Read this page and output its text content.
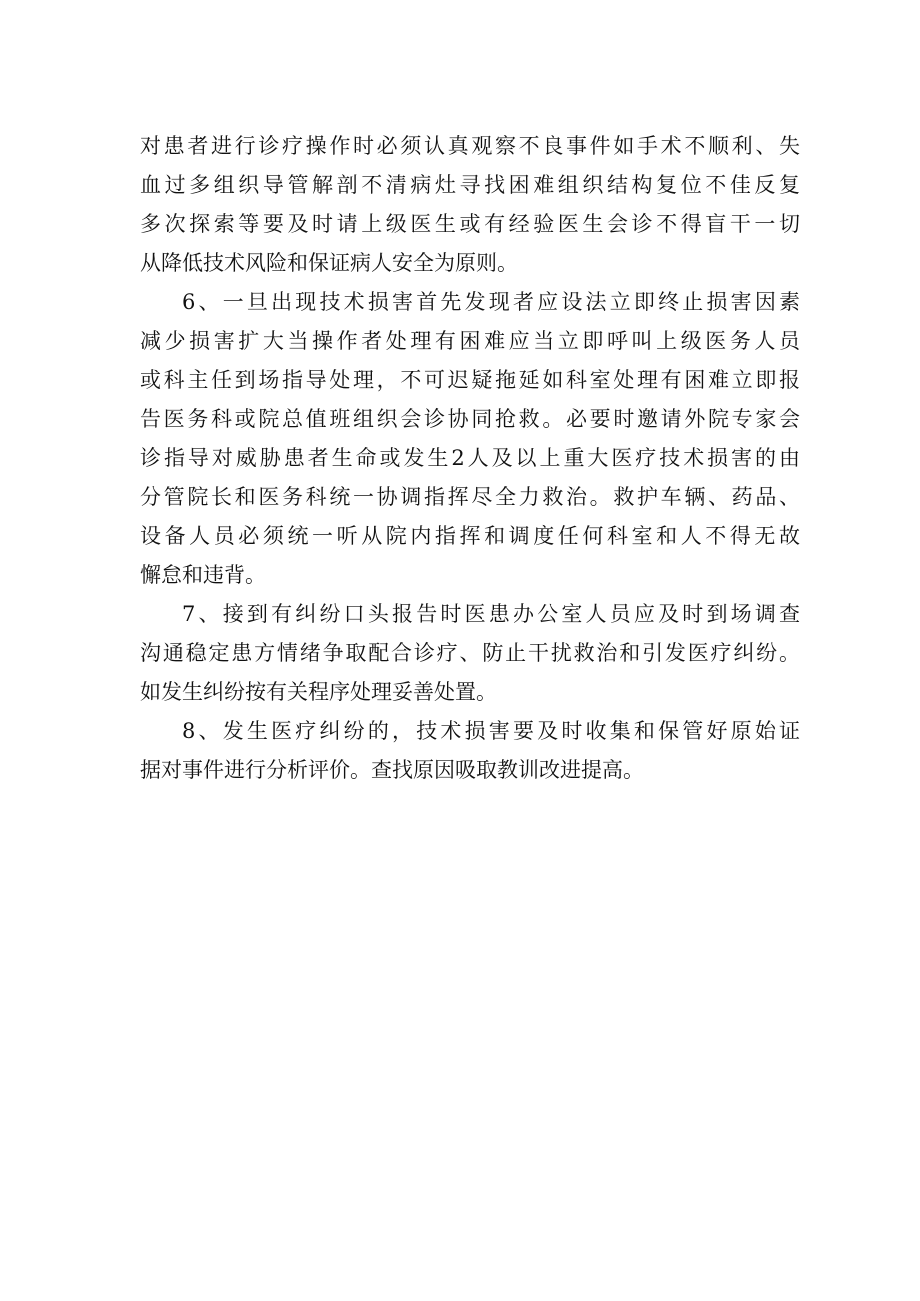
对患者进行诊疗操作时必须认真观察不良事件如手术不顺利、失
血过多组织导管解剖不清病灶寻找困难组织结构复位不佳反复
多次探索等要及时请上级医生或有经验医生会诊不得盲干一切
从降低技术风险和保证病人安全为原则。
6、一旦出现技术损害首先发现者应设法立即终止损害因素
减少损害扩大当操作者处理有困难应当立即呼叫上级医务人员
或科主任到场指导处理，不可迟疑拖延如科室处理有困难立即报
告医务科或院总值班组织会诊协同抢救。必要时邀请外院专家会
诊指导对威胁患者生命或发生2人及以上重大医疗技术损害的由
分管院长和医务科统一协调指挥尽全力救治。救护车辆、药品、
设备人员必须统一听从院内指挥和调度任何科室和人不得无故
懈怠和违背。
7、接到有纠纷口头报告时医患办公室人员应及时到场调查
沟通稳定患方情绪争取配合诊疗、防止干扰救治和引发医疗纠纷。
如发生纠纷按有关程序处理妥善处置。
8、发生医疗纠纷的，技术损害要及时收集和保管好原始证
据对事件进行分析评价。查找原因吸取教训改进提高。
